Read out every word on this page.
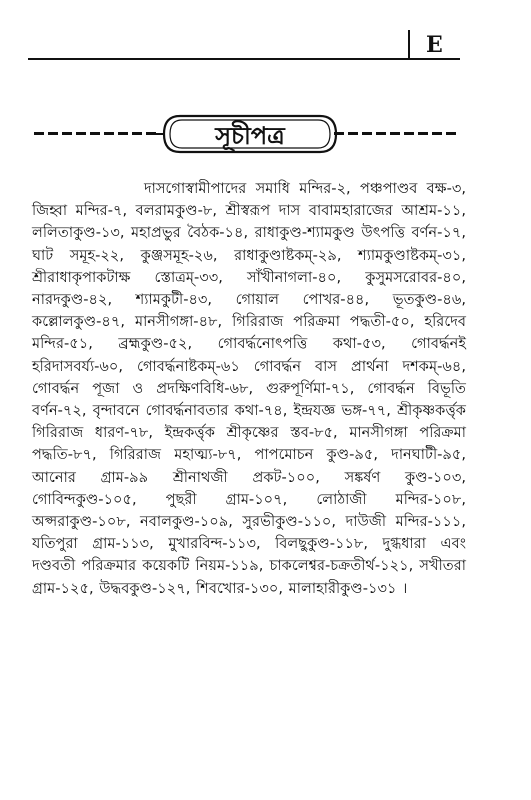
E
সূচীপত্র
দাসগোস্বামীপাদের সমাধি মন্দির-২, পঞ্চপাণ্ডব বক্ষ-৩, জিহ্বা মন্দির-৭, বলরামকুণ্ড-৮, শ্রীস্বরূপ দাস বাবামহারাজের আশ্রম-১১, ললিতাকুণ্ড-১৩, মহাপ্রভুর বৈঠক-১৪, রাধাকুণ্ড-শ্যামকুণ্ড উৎপত্তি বর্ণন-১৭, ঘাট সমূহ-২২, কুঞ্জসমূহ-২৬, রাধাকুণ্ডাষ্টকম্-২৯, শ্যামকুণ্ডাষ্টকম্-৩১, শ্রীরাধাকৃপাকটাক্ষ স্তোত্রম্-৩৩, সাঁখীনাগলা-৪০, কুসুমসরোবর-৪০, নারদকুণ্ড-৪২, শ্যামকুটী-৪৩, গোয়াল পোখর-৪৪, ভূতকুণ্ড-৪৬, কল্লোলকুণ্ড-৪৭, মানসীগঙ্গা-৪৮, গিরিরাজ পরিক্রমা পদ্ধতী-৫০, হরিদেব মন্দির-৫১, ব্রহ্মকুণ্ড-৫২, গোবর্দ্ধনোৎপত্তি কথা-৫৩, গোবর্দ্ধনই হরিদাসবর্য্য-৬০, গোবর্দ্ধনাষ্টকম্-৬১ গোবর্দ্ধন বাস প্রার্থনা দশকম্-৬৪, গোবর্দ্ধন পূজা ও প্রদক্ষিণবিধি-৬৮, গুরুপূর্ণিমা-৭১, গোবর্দ্ধন বিভূতি বর্ণন-৭২, বৃন্দাবনে গোবর্দ্ধনাবতার কথা-৭৪, ইন্দ্রযজ্ঞ ভঙ্গ-৭৭, শ্রীকৃষ্ণকর্ত্তৃক গিরিরাজ ধারণ-৭৮, ইন্দ্রকর্ত্তৃক শ্রীকৃষ্ণের স্তব-৮৫, মানসীগঙ্গা পরিক্রমা পদ্ধতি-৮৭, গিরিরাজ মহাত্ম্য-৮৭, পাপমোচন কুণ্ড-৯৫, দানঘাটী-৯৫, আনোর গ্রাম-৯৯ শ্রীনাথজী প্রকট-১০০, সঙ্কর্ষণ কুণ্ড-১০৩, গোবিন্দকুণ্ড-১০৫, পুছরী গ্রাম-১০৭, লোঠাজী মন্দির-১০৮, অপ্সরাকুণ্ড-১০৮, নবালকুণ্ড-১০৯, সুরভীকুণ্ড-১১০, দাউজী মন্দির-১১১, যতিপুরা গ্রাম-১১৩, মুখারবিন্দ-১১৩, বিলছুকুণ্ড-১১৮, দুগ্ধধারা এবং দণ্ডবতী পরিক্রমার কয়েকটি নিয়ম-১১৯, চাকলেশ্বর-চক্রতীর্থ-১২১, সখীতরা গ্রাম-১২৫, উদ্ধবকুণ্ড-১২৭, শিবখোর-১৩০, মালাহারীকুণ্ড-১৩১ ।
